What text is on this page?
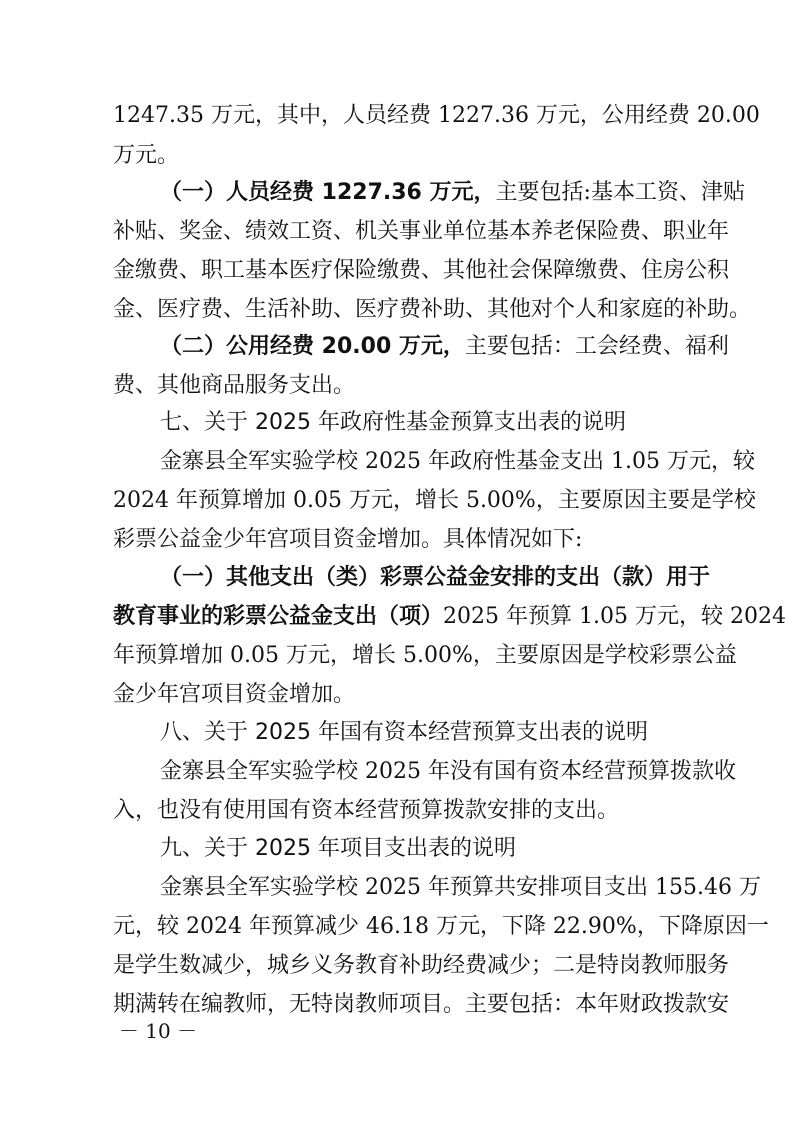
1247.35 万元，其中，人员经费 1227.36 万元，公用经费 20.00
万元。
（一）人员经费 1227.36 万元，主要包括:基本工资、津贴
补贴、奖金、绩效工资、机关事业单位基本养老保险费、职业年
金缴费、职工基本医疗保险缴费、其他社会保障缴费、住房公积
金、医疗费、生活补助、医疗费补助、其他对个人和家庭的补助。
（二）公用经费 20.00 万元，主要包括：工会经费、福利
费、其他商品服务支出。
七、关于 2025 年政府性基金预算支出表的说明
金寨县全军实验学校 2025 年政府性基金支出 1.05 万元，较
2024 年预算增加 0.05 万元，增长 5.00%，主要原因主要是学校
彩票公益金少年宫项目资金增加。具体情况如下:
（一）其他支出（类）彩票公益金安排的支出（款）用于
教育事业的彩票公益金支出（项）2025 年预算 1.05 万元，较 2024
年预算增加 0.05 万元，增长 5.00%，主要原因是学校彩票公益
金少年宫项目资金增加。
八、关于 2025 年国有资本经营预算支出表的说明
金寨县全军实验学校 2025 年没有国有资本经营预算拨款收
入，也没有使用国有资本经营预算拨款安排的支出。
九、关于 2025 年项目支出表的说明
金寨县全军实验学校 2025 年预算共安排项目支出 155.46 万
元，较 2024 年预算减少 46.18 万元，下降 22.90%，下降原因一
是学生数减少，城乡义务教育补助经费减少；二是特岗教师服务
期满转在编教师，无特岗教师项目。主要包括：本年财政拨款安
－ 10 －
